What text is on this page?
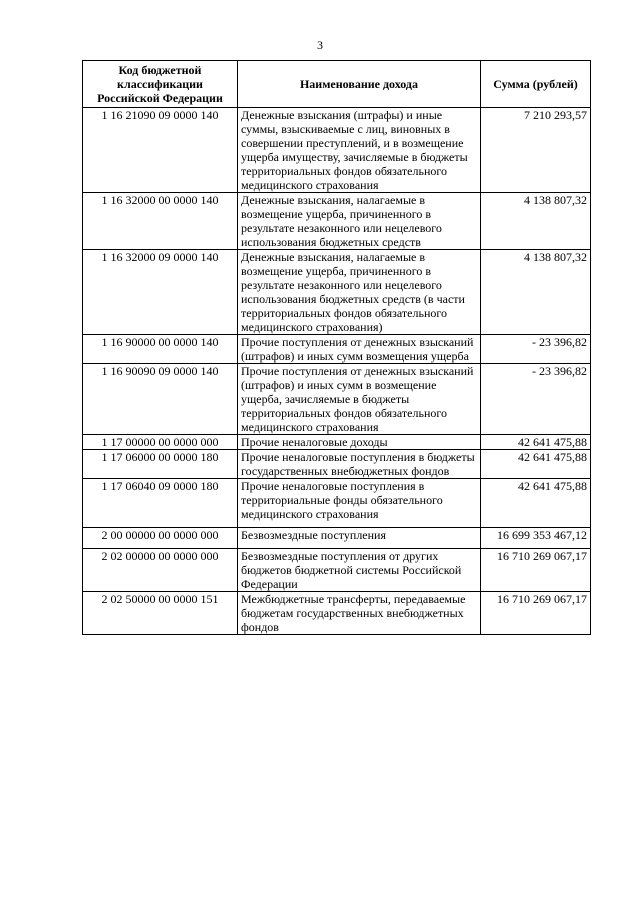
3
Код бюджетной классификации Российской Федерации	Наименование дохода	Сумма (рублей)
1 16 21090 09 0000 140	Денежные взыскания (штрафы) и иные суммы, взыскиваемые с лиц, виновных в совершении преступлений, и в возмещение ущерба имуществу, зачисляемые в бюджеты территориальных фондов обязательного медицинского страхования	7 210 293,57
1 16 32000 00 0000 140	Денежные взыскания, налагаемые в возмещение ущерба, причиненного в результате незаконного или нецелевого использования бюджетных средств	4 138 807,32
1 16 32000 09 0000 140	Денежные взыскания, налагаемые в возмещение ущерба, причиненного в результате незаконного или нецелевого использования бюджетных средств (в части территориальных фондов обязательного медицинского страхования)	4 138 807,32
1 16 90000 00 0000 140	Прочие поступления от денежных взысканий (штрафов) и иных сумм возмещения ущерба	- 23 396,82
1 16 90090 09 0000 140	Прочие поступления от денежных взысканий (штрафов) и иных сумм в возмещение ущерба, зачисляемые в бюджеты территориальных фондов обязательного медицинского страхования	- 23 396,82
1 17 00000 00 0000 000	Прочие неналоговые доходы	42 641 475,88
1 17 06000 00 0000 180	Прочие неналоговые поступления в бюджеты государственных внебюджетных фондов	42 641 475,88
1 17 06040 09 0000 180	Прочие неналоговые поступления в территориальные фонды обязательного медицинского страхования	42 641 475,88
2 00 00000 00 0000 000	Безвозмездные поступления	16 699 353 467,12
2 02 00000 00 0000 000	Безвозмездные поступления от других бюджетов бюджетной системы Российской Федерации	16 710 269 067,17
2 02 50000 00 0000 151	Межбюджетные трансферты, передаваемые бюджетам государственных внебюджетных фондов	16 710 269 067,17
